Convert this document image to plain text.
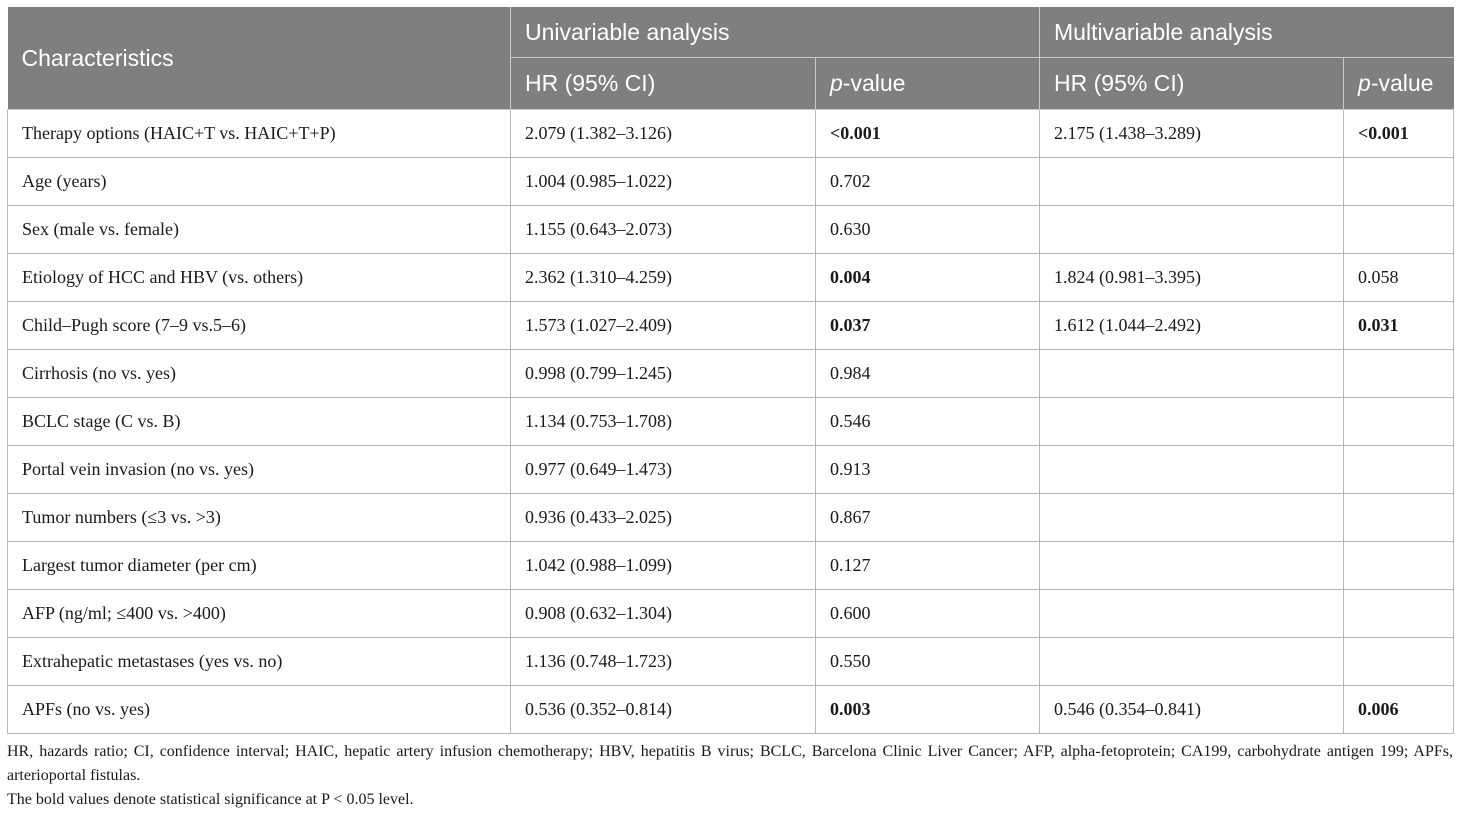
Characteristics	Univariable analysis		Multivariable analysis	
	HR (95% CI)	p-value	HR (95% CI)	p-value
Therapy options (HAIC+T vs. HAIC+T+P)	2.079 (1.382–3.126)	<0.001	2.175 (1.438–3.289)	<0.001
Age (years)	1.004 (0.985–1.022)	0.702		
Sex (male vs. female)	1.155 (0.643–2.073)	0.630		
Etiology of HCC and HBV (vs. others)	2.362 (1.310–4.259)	0.004	1.824 (0.981–3.395)	0.058
Child–Pugh score (7–9 vs.5–6)	1.573 (1.027–2.409)	0.037	1.612 (1.044–2.492)	0.031
Cirrhosis (no vs. yes)	0.998 (0.799–1.245)	0.984		
BCLC stage (C vs. B)	1.134 (0.753–1.708)	0.546		
Portal vein invasion (no vs. yes)	0.977 (0.649–1.473)	0.913		
Tumor numbers (≤3 vs. >3)	0.936 (0.433–2.025)	0.867		
Largest tumor diameter (per cm)	1.042 (0.988–1.099)	0.127		
AFP (ng/ml; ≤400 vs. >400)	0.908 (0.632–1.304)	0.600		
Extrahepatic metastases (yes vs. no)	1.136 (0.748–1.723)	0.550		
APFs (no vs. yes)	0.536 (0.352–0.814)	0.003	0.546 (0.354–0.841)	0.006

HR, hazards ratio; CI, confidence interval; HAIC, hepatic artery infusion chemotherapy; HBV, hepatitis B virus; BCLC, Barcelona Clinic Liver Cancer; AFP, alpha-fetoprotein; CA199, carbohydrate antigen 199; APFs, arterioportal fistulas.

The bold values denote statistical significance at P < 0.05 level.
